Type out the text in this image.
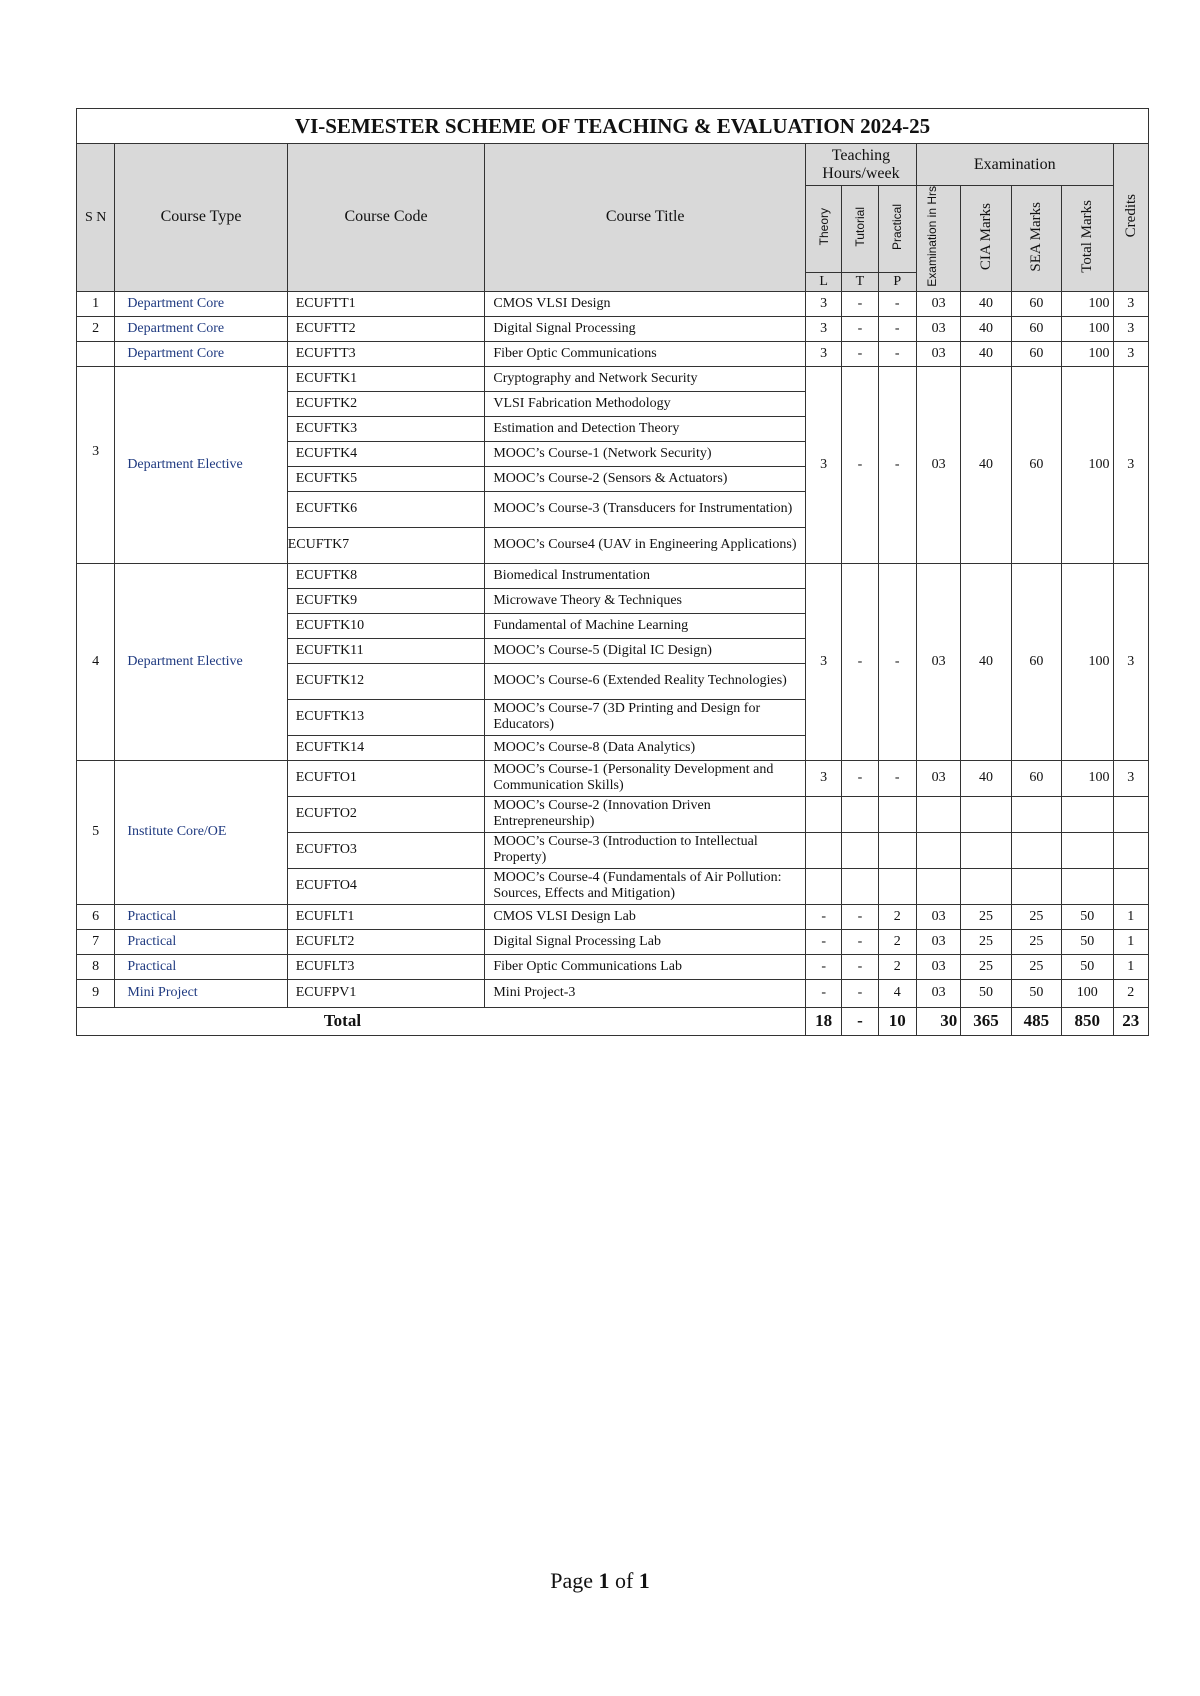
VI-SEMESTER SCHEME OF TEACHING & EVALUATION 2024-25											
S N	Course Type	Course Code	Course Title	Teaching Hours/week			Examination				Credits
				Theory	Tutorial	Practical	Examination in Hrs	CIA Marks	SEA Marks	Total Marks	
				L	T	P					
1	Department Core	ECUFTT1	CMOS VLSI Design	3	-	-	03	40	60	100	3
2	Department Core	ECUFTT2	Digital Signal Processing	3	-	-	03	40	60	100	3
	Department Core	ECUFTT3	Fiber Optic Communications	3	-	-	03	40	60	100	3
3	Department Elective	ECUFTK1	Cryptography and Network Security	3	-	-	03	40	60	100	3
		ECUFTK2	VLSI Fabrication Methodology								
		ECUFTK3	Estimation and Detection Theory								
		ECUFTK4	MOOC’s Course-1 (Network Security)								
		ECUFTK5	MOOC’s Course-2 (Sensors & Actuators)								
		ECUFTK6	MOOC’s Course-3 (Transducers for Instrumentation)								
		ECUFTK7	MOOC’s Course4 (UAV in Engineering Applications)								
4	Department Elective	ECUFTK8	Biomedical Instrumentation	3	-	-	03	40	60	100	3
		ECUFTK9	Microwave Theory & Techniques								
		ECUFTK10	Fundamental of Machine Learning								
		ECUFTK11	MOOC’s Course-5 (Digital IC Design)								
		ECUFTK12	MOOC’s Course-6 (Extended Reality Technologies)								
		ECUFTK13	MOOC’s Course-7 (3D Printing and Design for Educators)								
		ECUFTK14	MOOC’s Course-8 (Data Analytics)								
5	Institute Core/OE	ECUFTO1	MOOC’s Course-1 (Personality Development and Communication Skills)	3	-	-	03	40	60	100	3
		ECUFTO2	MOOC’s Course-2 (Innovation Driven Entrepreneurship)								
		ECUFTO3	MOOC’s Course-3 (Introduction to Intellectual Property)								
		ECUFTO4	MOOC’s Course-4 (Fundamentals of Air Pollution: Sources, Effects and Mitigation)								
6	Practical	ECUFLT1	CMOS VLSI Design Lab	-	-	2	03	25	25	50	1
7	Practical	ECUFLT2	Digital Signal Processing Lab	-	-	2	03	25	25	50	1
8	Practical	ECUFLT3	Fiber Optic Communications Lab	-	-	2	03	25	25	50	1
9	Mini Project	ECUFPV1	Mini Project-3	-	-	4	03	50	50	100	2
Total				18	-	10	30	365	485	850	23
Page 1 of 1
